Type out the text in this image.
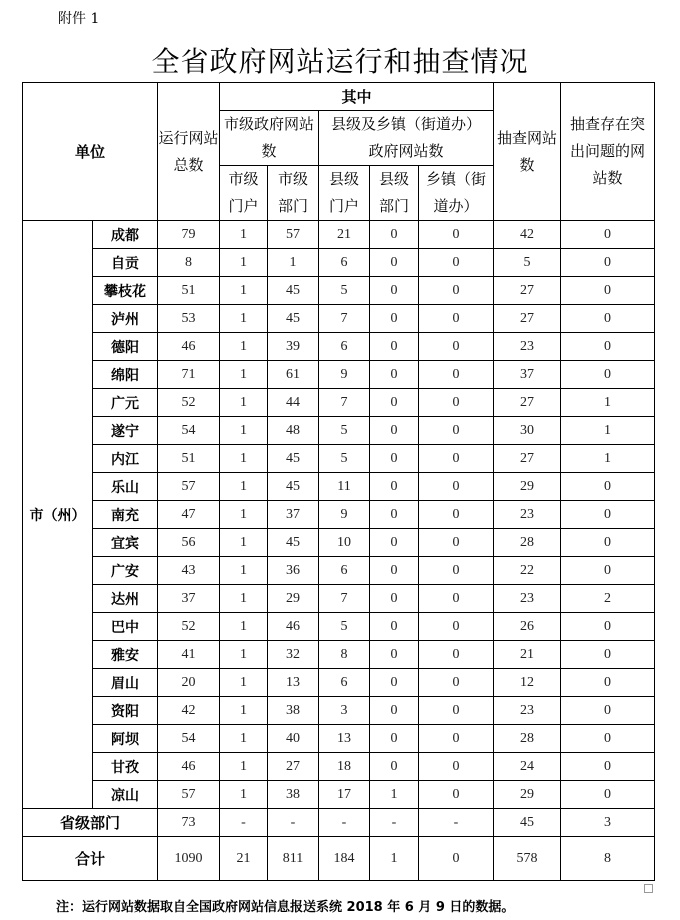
附件 1
全省政府网站运行和抽查情况
单位		运行网站总数	其中					抽查网站数	抽查存在突出问题的网站数
			市级政府网站数		县级及乡镇（街道办）政府网站数				
			市级门户	市级部门	县级门户	县级部门	乡镇（街道办）		
市（州）	成都	79	1	57	21	0	0	42	0
	自贡	8	1	1	6	0	0	5	0
	攀枝花	51	1	45	5	0	0	27	0
	泸州	53	1	45	7	0	0	27	0
	德阳	46	1	39	6	0	0	23	0
	绵阳	71	1	61	9	0	0	37	0
	广元	52	1	44	7	0	0	27	1
	遂宁	54	1	48	5	0	0	30	1
	内江	51	1	45	5	0	0	27	1
	乐山	57	1	45	11	0	0	29	0
	南充	47	1	37	9	0	0	23	0
	宜宾	56	1	45	10	0	0	28	0
	广安	43	1	36	6	0	0	22	0
	达州	37	1	29	7	0	0	23	2
	巴中	52	1	46	5	0	0	26	0
	雅安	41	1	32	8	0	0	21	0
	眉山	20	1	13	6	0	0	12	0
	资阳	42	1	38	3	0	0	23	0
	阿坝	54	1	40	13	0	0	28	0
	甘孜	46	1	27	18	0	0	24	0
	凉山	57	1	38	17	1	0	29	0
省级部门		73	-	-	-	-	-	45	3
合计		1090	21	811	184	1	0	578	8
注：运行网站数据取自全国政府网站信息报送系统 2018 年 6 月 9 日的数据。
